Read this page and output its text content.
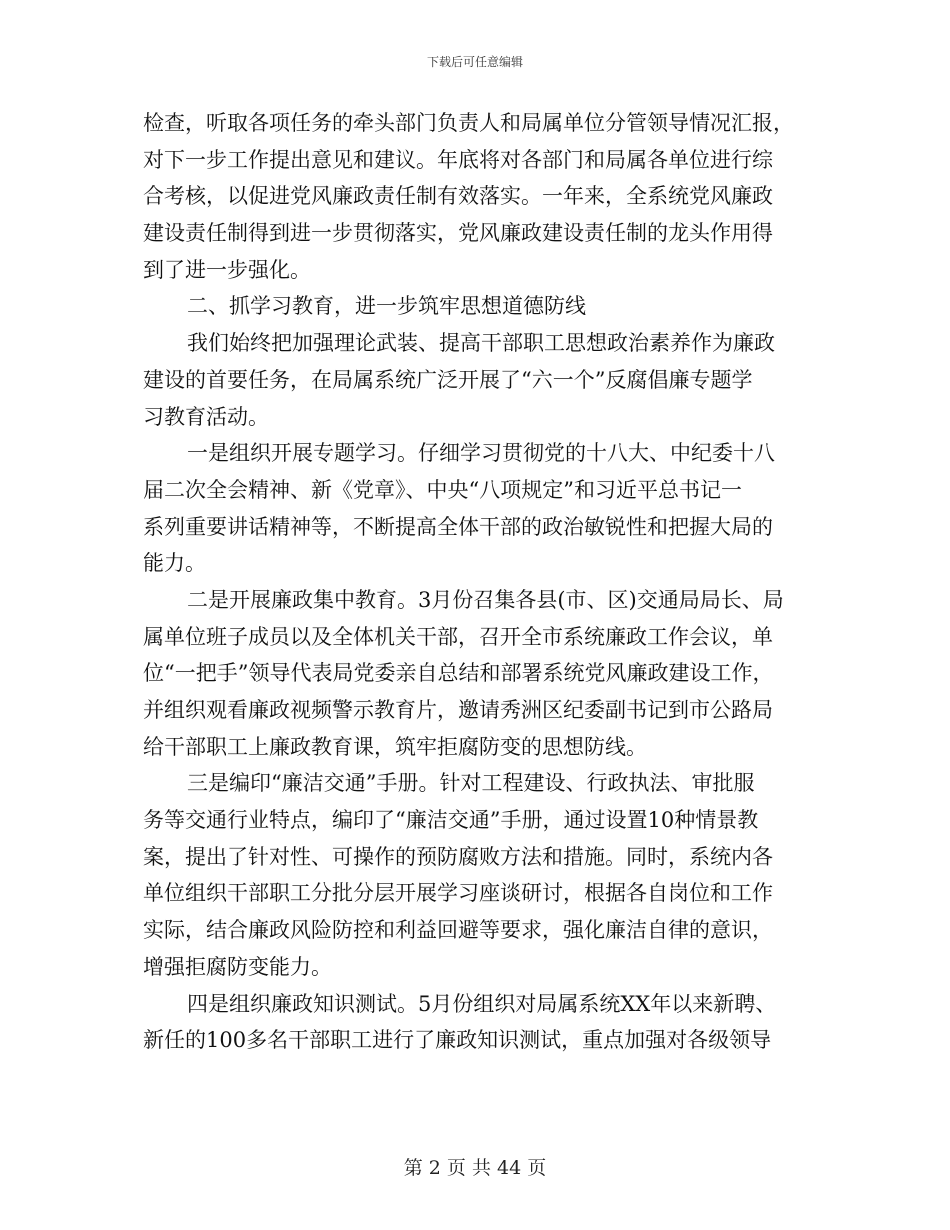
下载后可任意编辑
检查，听取各项任务的牵头部门负责人和局属单位分管领导情况汇报，
对下一步工作提出意见和建议。年底将对各部门和局属各单位进行综
合考核，以促进党风廉政责任制有效落实。一年来，全系统党风廉政
建设责任制得到进一步贯彻落实，党风廉政建设责任制的龙头作用得
到了进一步强化。
二、抓学习教育，进一步筑牢思想道德防线
我们始终把加强理论武装、提高干部职工思想政治素养作为廉政
建设的首要任务，在局属系统广泛开展了“六一个”反腐倡廉专题学
习教育活动。
一是组织开展专题学习。仔细学习贯彻党的十八大、中纪委十八
届二次全会精神、新《党章》、中央“八项规定”和习近平总书记一
系列重要讲话精神等，不断提高全体干部的政治敏锐性和把握大局的
能力。
二是开展廉政集中教育。3月份召集各县(市、区)交通局局长、局
属单位班子成员以及全体机关干部，召开全市系统廉政工作会议，单
位“一把手”领导代表局党委亲自总结和部署系统党风廉政建设工作，
并组织观看廉政视频警示教育片，邀请秀洲区纪委副书记到市公路局
给干部职工上廉政教育课，筑牢拒腐防变的思想防线。
三是编印“廉洁交通”手册。针对工程建设、行政执法、审批服
务等交通行业特点，编印了“廉洁交通”手册，通过设置10种情景教
案，提出了针对性、可操作的预防腐败方法和措施。同时，系统内各
单位组织干部职工分批分层开展学习座谈研讨，根据各自岗位和工作
实际，结合廉政风险防控和利益回避等要求，强化廉洁自律的意识，
增强拒腐防变能力。
四是组织廉政知识测试。5月份组织对局属系统XX年以来新聘、
新任的100多名干部职工进行了廉政知识测试，重点加强对各级领导
第 2 页 共 44 页
